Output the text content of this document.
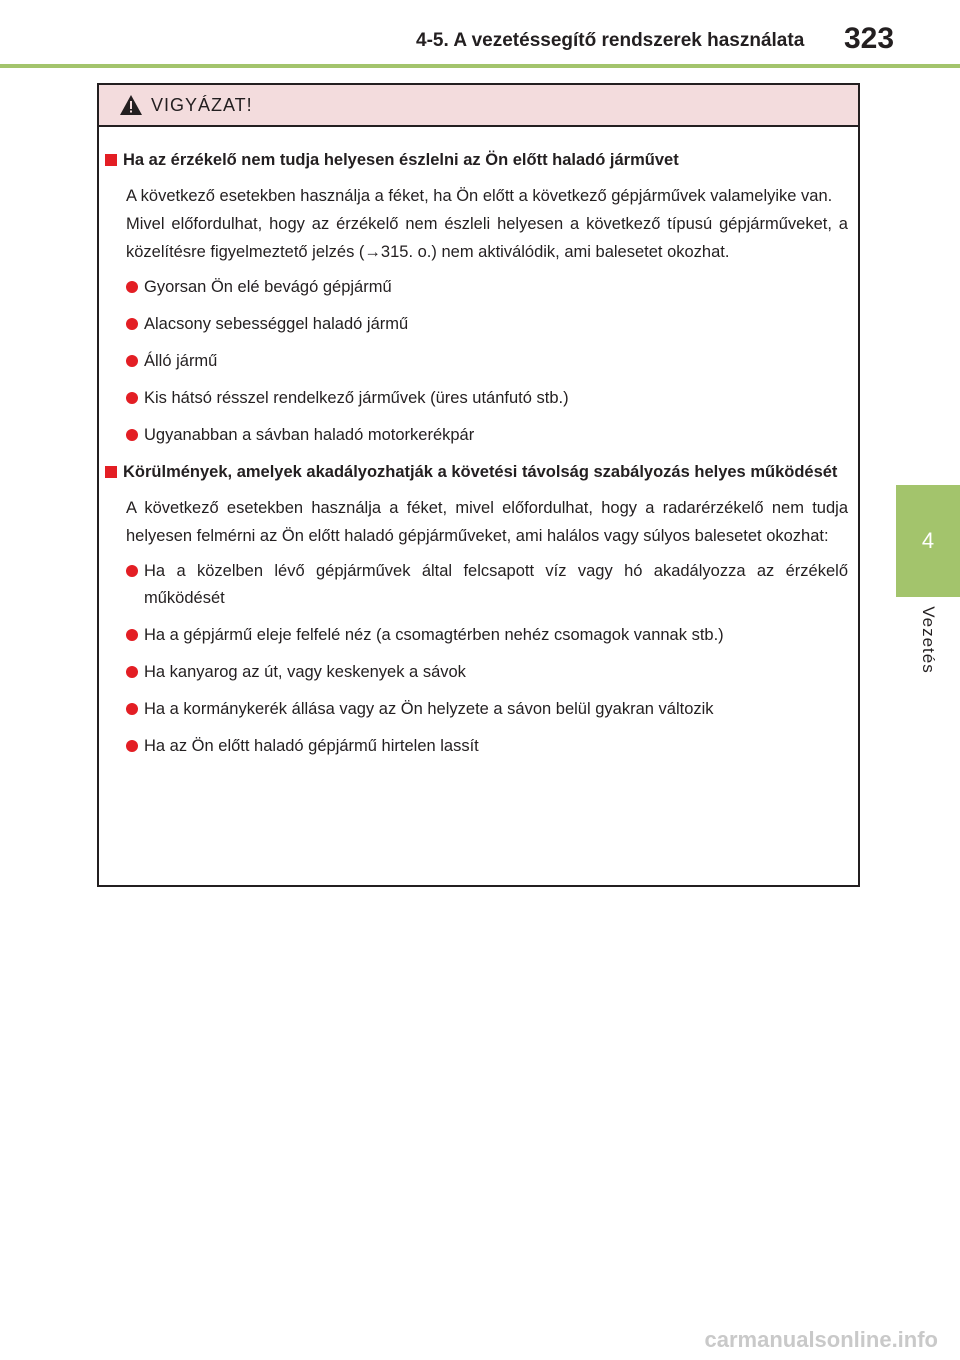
4-5. A vezetéssegítő rendszerek használata 323
4
Vezetés
VIGYÁZAT!
Ha az érzékelő nem tudja helyesen észlelni az Ön előtt haladó járművet
A következő esetekben használja a féket, ha Ön előtt a következő gépjárművek valamelyike van.
Mivel előfordulhat, hogy az érzékelő nem észleli helyesen a következő típusú gépjárműveket, a közelítésre figyelmeztető jelzés (→315. o.) nem aktiválódik, ami balesetet okozhat.
Gyorsan Ön elé bevágó gépjármű
Alacsony sebességgel haladó jármű
Álló jármű
Kis hátsó résszel rendelkező járművek (üres utánfutó stb.)
Ugyanabban a sávban haladó motorkerékpár
Körülmények, amelyek akadályozhatják a követési távolság szabályozás helyes működését
A következő esetekben használja a féket, mivel előfordulhat, hogy a radarérzékelő nem tudja helyesen felmérni az Ön előtt haladó gépjárműveket, ami halálos vagy súlyos balesetet okozhat:
Ha a közelben lévő gépjárművek által felcsapott víz vagy hó akadályozza az érzékelő működését
Ha a gépjármű eleje felfelé néz (a csomagtérben nehéz csomagok vannak stb.)
Ha kanyarog az út, vagy keskenyek a sávok
Ha a kormánykerék állása vagy az Ön helyzete a sávon belül gyakran változik
Ha az Ön előtt haladó gépjármű hirtelen lassít
carmanualsonline.info
